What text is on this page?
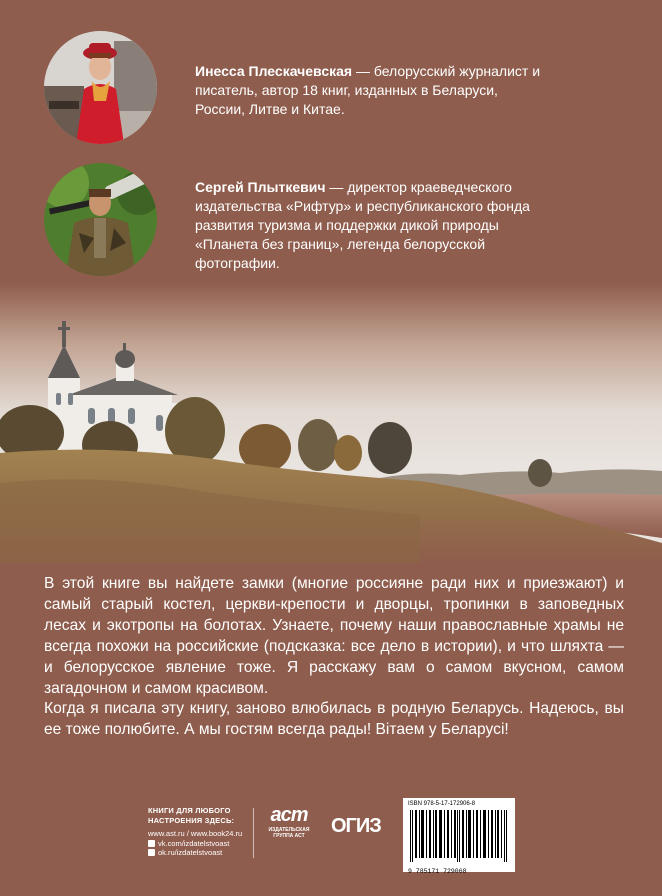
Инесса Плескачевская — белорусский журналист и писатель, автор 18 книг, изданных в Беларуси, России, Литве и Китае.
Сергей Плыткевич — директор краеведческого издательства «Рифтур» и республиканского фонда развития туризма и поддержки дикой природы «Планета без границ», легенда белорусской фотографии.

В этой книге вы найдете замки (многие россияне ради них и приезжают) и самый старый костел, церкви-крепости и дворцы, тропинки в заповедных лесах и экотропы на болотах. Узнаете, почему наши православные храмы не всегда похожи на российские (подсказка: все дело в истории), и что шляхта — и белорусское явление тоже. Я расскажу вам о самом вкусном, самом загадочном и самом красивом.

Когда я писала эту книгу, заново влюбилась в родную Беларусь. Надеюсь, вы ее тоже полюбите. А мы гостям всегда рады! Вітаем у Беларусі!

КНИГИ ДЛЯ ЛЮБОГО
НАСТРОЕНИЯ ЗДЕСЬ:
www.ast.ru / www.book24.ru
vk.com/izdatelstvoast
ok.ru/izdatelstvoast
аст
ИЗДАТЕЛЬСКАЯ
ГРУППА АСТ	ОГИЗ
ISBN 978-5-17-172906-8
9 785171 729068
